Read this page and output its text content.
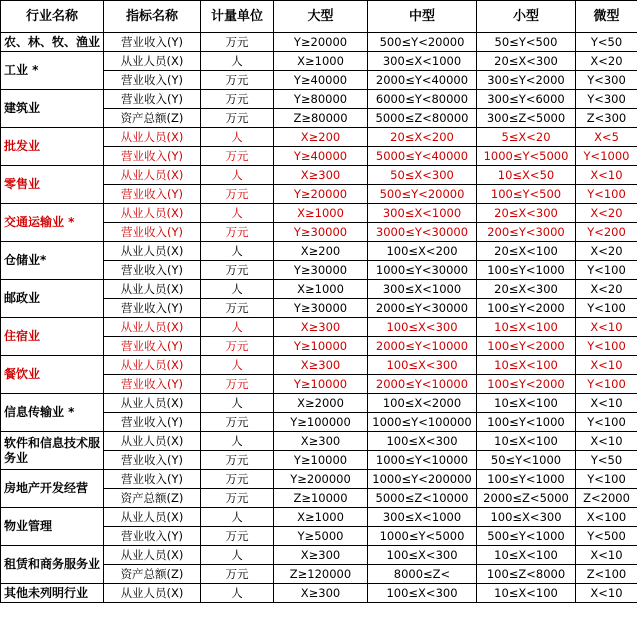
行业名称	指标名称	计量单位	大型	中型	小型	微型
农、林、牧、渔业	营业收入(Y)	万元	Y≥20000	500≤Y<20000	50≤Y<500	Y<50
工业 *	从业人员(X)	人	X≥1000	300≤X<1000	20≤X<300	X<20
	营业收入(Y)	万元	Y≥40000	2000≤Y<40000	300≤Y<2000	Y<300
建筑业	营业收入(Y)	万元	Y≥80000	6000≤Y<80000	300≤Y<6000	Y<300
	资产总额(Z)	万元	Z≥80000	5000≤Z<80000	300≤Z<5000	Z<300
批发业	从业人员(X)	人	X≥200	20≤X<200	5≤X<20	X<5
	营业收入(Y)	万元	Y≥40000	5000≤Y<40000	1000≤Y<5000	Y<1000
零售业	从业人员(X)	人	X≥300	50≤X<300	10≤X<50	X<10
	营业收入(Y)	万元	Y≥20000	500≤Y<20000	100≤Y<500	Y<100
交通运输业 *	从业人员(X)	人	X≥1000	300≤X<1000	20≤X<300	X<20
	营业收入(Y)	万元	Y≥30000	3000≤Y<30000	200≤Y<3000	Y<200
仓储业*	从业人员(X)	人	X≥200	100≤X<200	20≤X<100	X<20
	营业收入(Y)	万元	Y≥30000	1000≤Y<30000	100≤Y<1000	Y<100
邮政业	从业人员(X)	人	X≥1000	300≤X<1000	20≤X<300	X<20
	营业收入(Y)	万元	Y≥30000	2000≤Y<30000	100≤Y<2000	Y<100
住宿业	从业人员(X)	人	X≥300	100≤X<300	10≤X<100	X<10
	营业收入(Y)	万元	Y≥10000	2000≤Y<10000	100≤Y<2000	Y<100
餐饮业	从业人员(X)	人	X≥300	100≤X<300	10≤X<100	X<10
	营业收入(Y)	万元	Y≥10000	2000≤Y<10000	100≤Y<2000	Y<100
信息传输业 *	从业人员(X)	人	X≥2000	100≤X<2000	10≤X<100	X<10
	营业收入(Y)	万元	Y≥100000	1000≤Y<100000	100≤Y<1000	Y<100
软件和信息技术服务业	从业人员(X)	人	X≥300	100≤X<300	10≤X<100	X<10
	营业收入(Y)	万元	Y≥10000	1000≤Y<10000	50≤Y<1000	Y<50
房地产开发经营	营业收入(Y)	万元	Y≥200000	1000≤Y<200000	100≤Y<1000	Y<100
	资产总额(Z)	万元	Z≥10000	5000≤Z<10000	2000≤Z<5000	Z<2000
物业管理	从业人员(X)	人	X≥1000	300≤X<1000	100≤X<300	X<100
	营业收入(Y)	万元	Y≥5000	1000≤Y<5000	500≤Y<1000	Y<500
租赁和商务服务业	从业人员(X)	人	X≥300	100≤X<300	10≤X<100	X<10
	资产总额(Z)	万元	Z≥120000	8000≤Z<	100≤Z<8000	Z<100
其他未列明行业	从业人员(X)	人	X≥300	100≤X<300	10≤X<100	X<10
